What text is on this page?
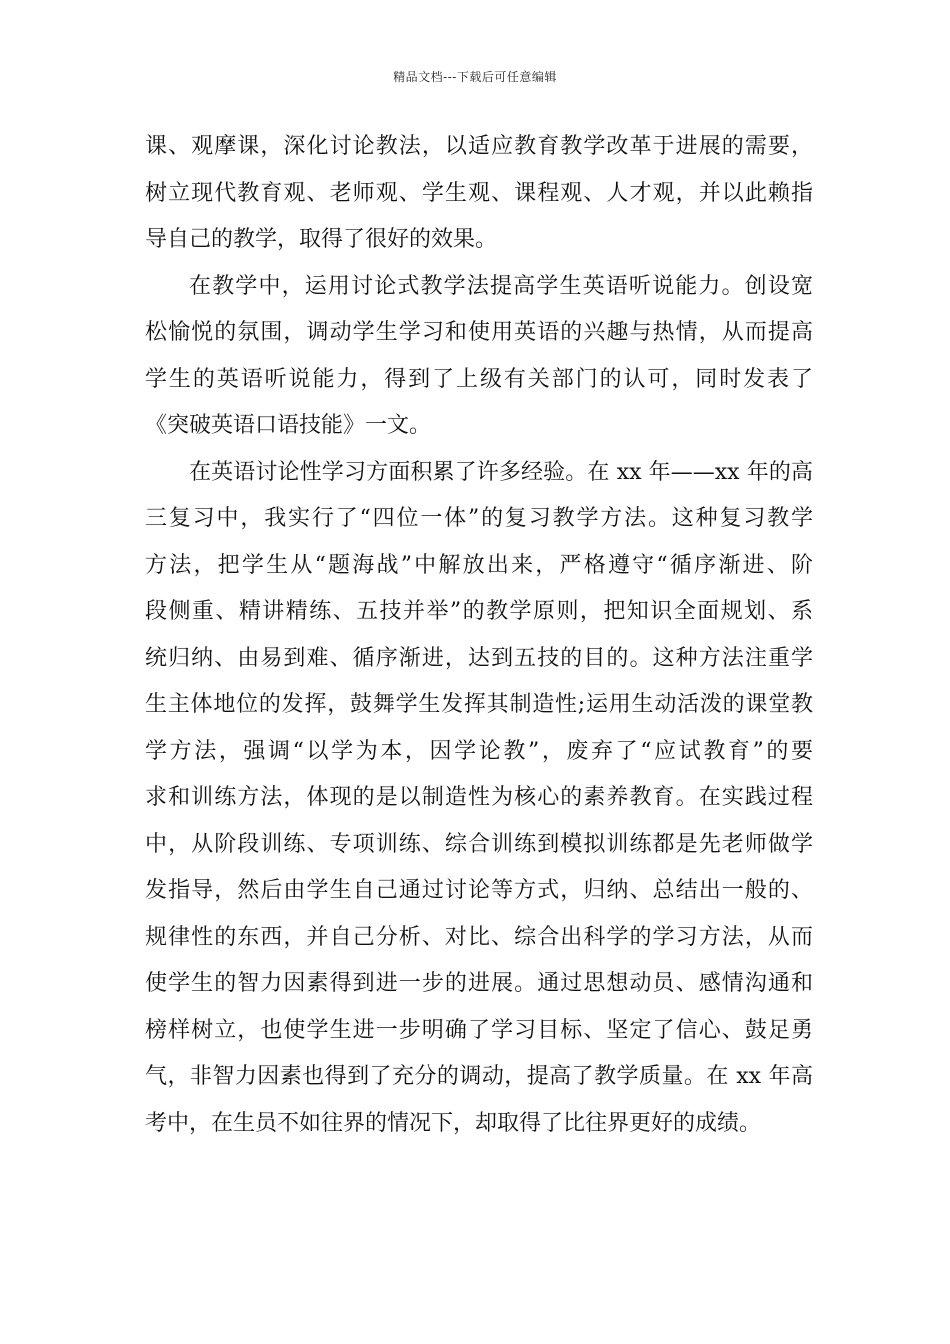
精品文档---下载后可任意编辑
课、观摩课，深化讨论教法，以适应教育教学改革于进展的需要，
树立现代教育观、老师观、学生观、课程观、人才观，并以此赖指
导自己的教学，取得了很好的效果。
在教学中，运用讨论式教学法提高学生英语听说能力。创设宽
松愉悦的氛围，调动学生学习和使用英语的兴趣与热情，从而提高
学生的英语听说能力，得到了上级有关部门的认可，同时发表了
《突破英语口语技能》一文。
在英语讨论性学习方面积累了许多经验。在 xx 年——xx 年的高
三复习中，我实行了“四位一体”的复习教学方法。这种复习教学
方法，把学生从“题海战”中解放出来，严格遵守“循序渐进、阶
段侧重、精讲精练、五技并举”的教学原则，把知识全面规划、系
统归纳、由易到难、循序渐进，达到五技的目的。这种方法注重学
生主体地位的发挥，鼓舞学生发挥其制造性;运用生动活泼的课堂教
学方法，强调“以学为本，因学论教”，废弃了“应试教育”的要
求和训练方法，体现的是以制造性为核心的素养教育。在实践过程
中，从阶段训练、专项训练、综合训练到模拟训练都是先老师做学
发指导，然后由学生自己通过讨论等方式，归纳、总结出一般的、
规律性的东西，并自己分析、对比、综合出科学的学习方法，从而
使学生的智力因素得到进一步的进展。通过思想动员、感情沟通和
榜样树立，也使学生进一步明确了学习目标、坚定了信心、鼓足勇
气，非智力因素也得到了充分的调动，提高了教学质量。在 xx 年高
考中，在生员不如往界的情况下，却取得了比往界更好的成绩。
